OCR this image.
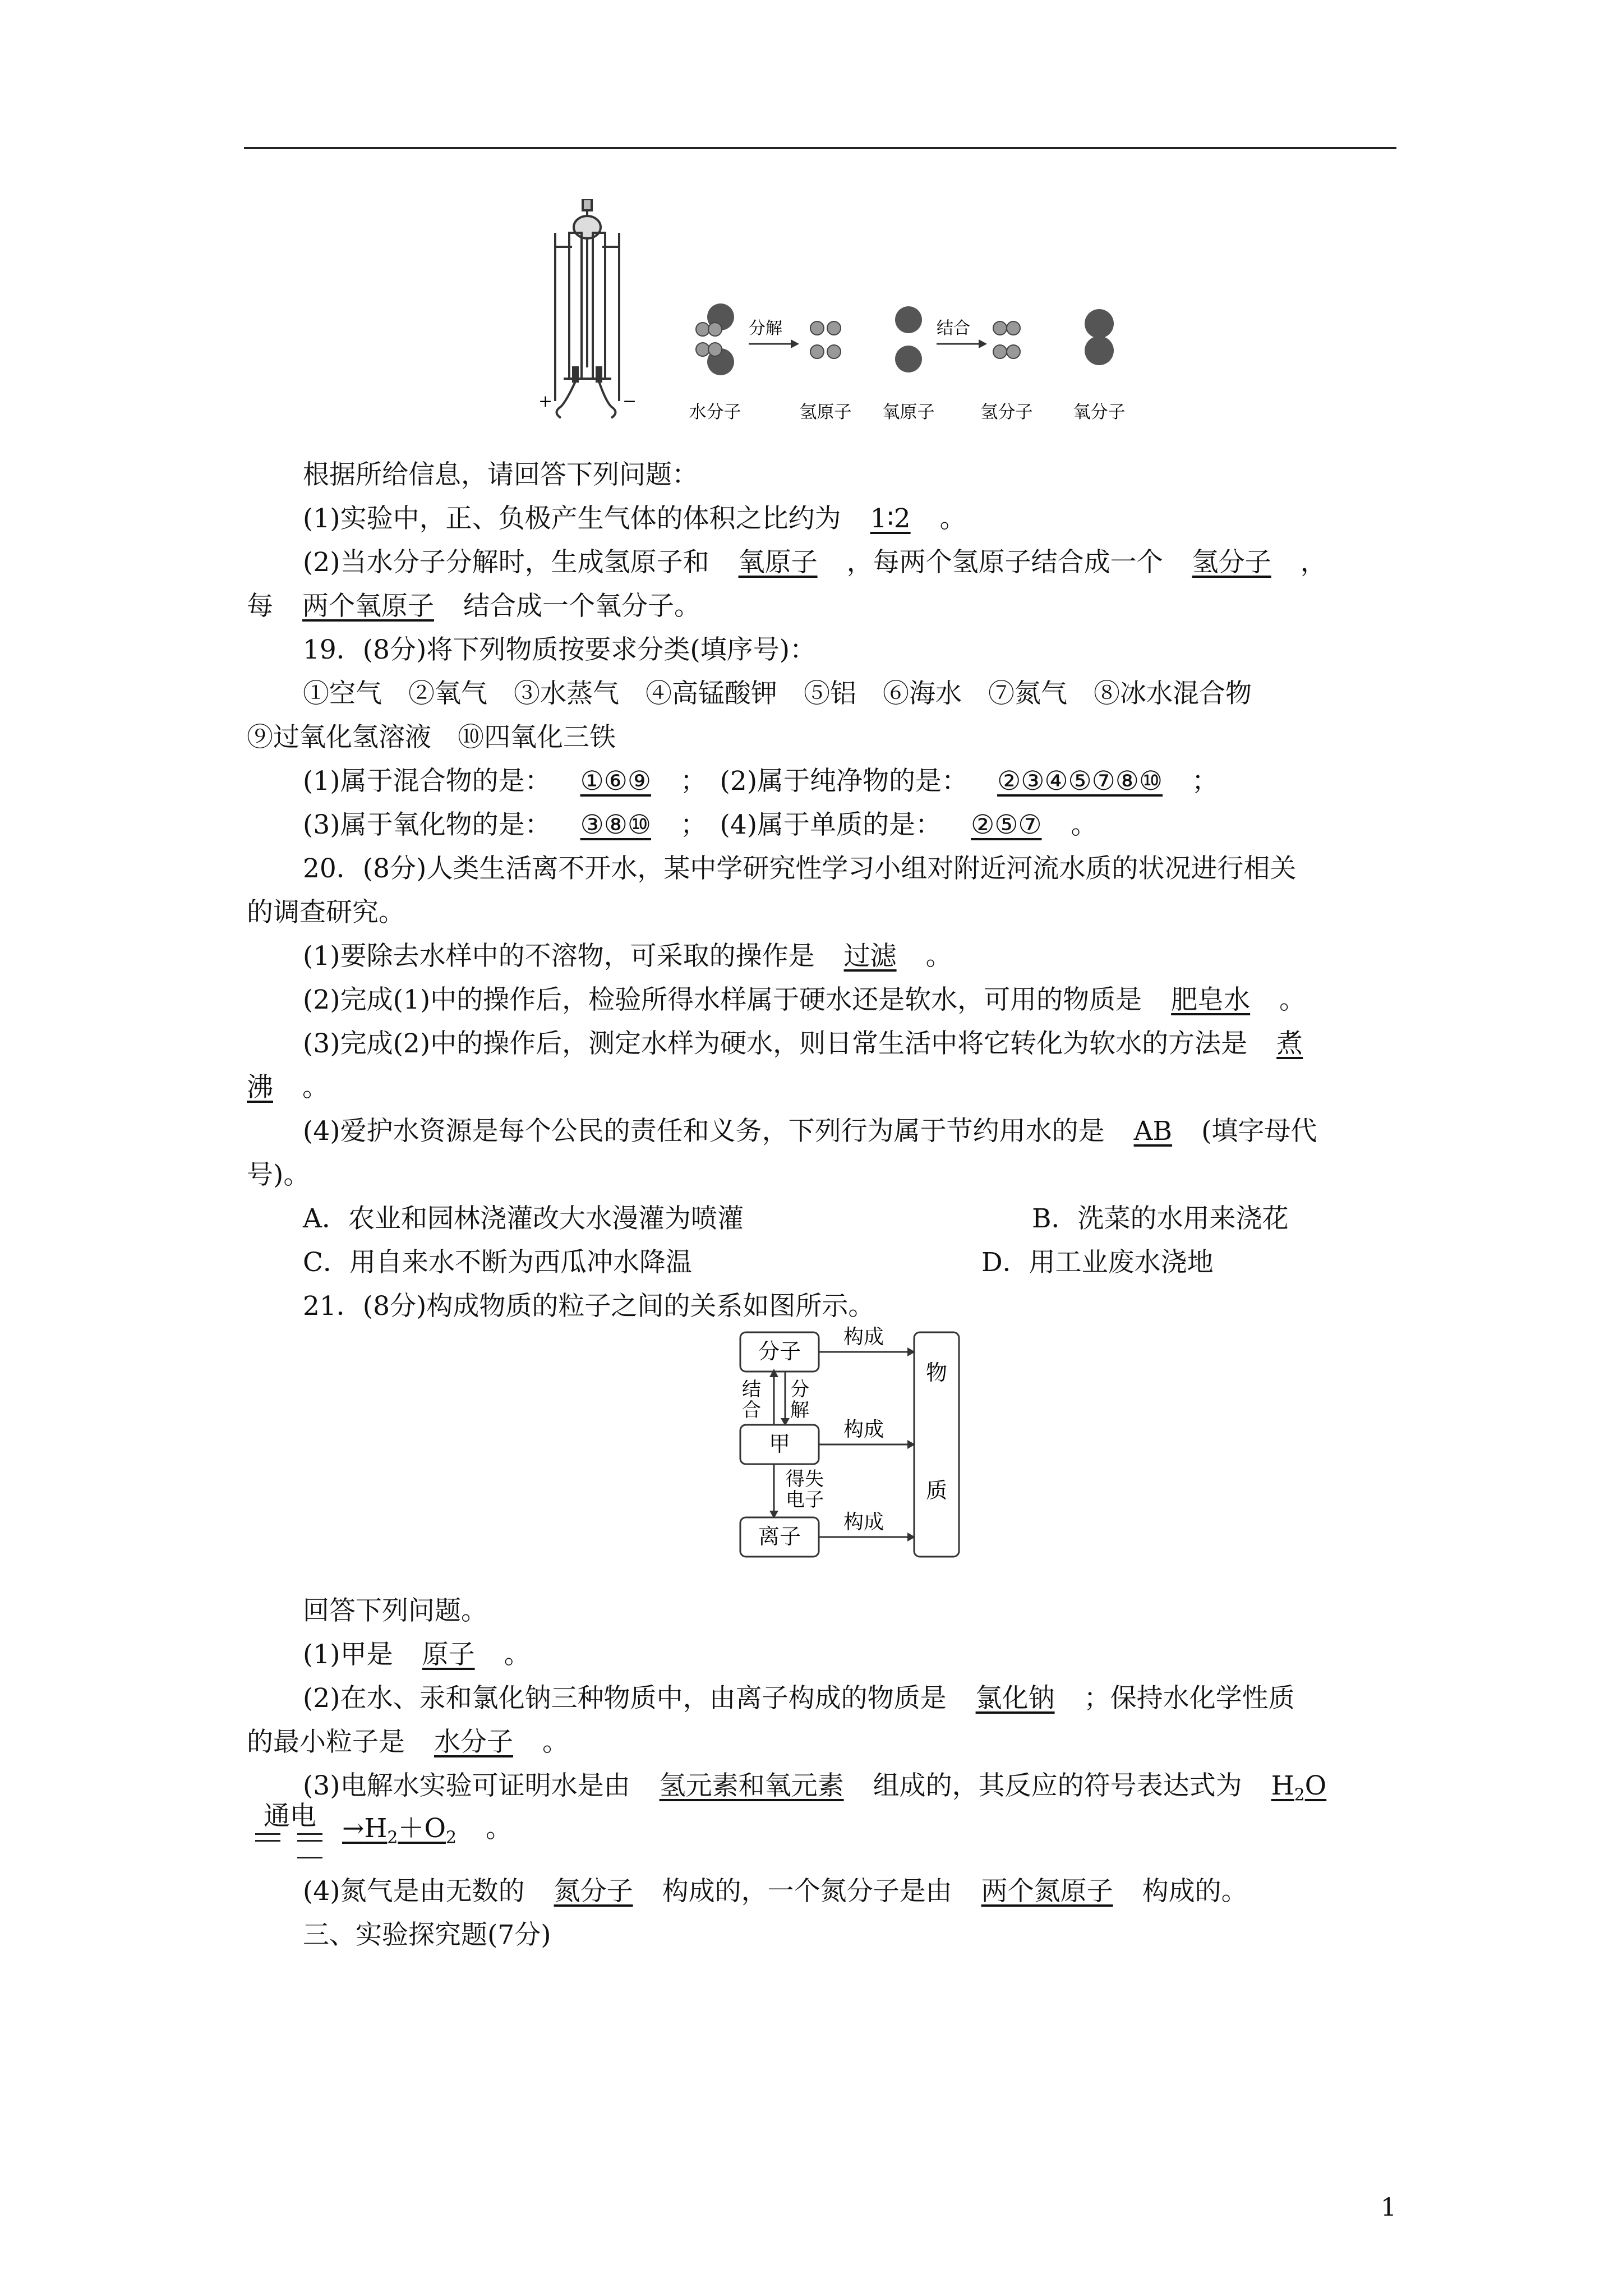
+	−
分解	结合
水分子	氢原子 氧原子	氢分子 氧分子
根据所给信息，请回答下列问题：
(1)实验中，正、负极产生气体的体积之比约为 1∶2 。
(2)当水分子分解时，生成氢原子和 氧原子 ，每两个氢原子结合成一个 氢分子 ，
每 两个氧原子 结合成一个氧分子。
19．(8分)将下列物质按要求分类(填序号)：
①空气　②氧气　③水蒸气　④高锰酸钾　⑤铝　⑥海水　⑦氮气　⑧冰水混合物
⑨过氧化氢溶液　⑩四氧化三铁
(1)属于混合物的是： ①⑥⑨ ；　 (2)属于纯净物的是： ②③④⑤⑦⑧⑩ ；
(3)属于氧化物的是： ③⑧⑩ ；　 (4)属于单质的是： ②⑤⑦ 。
20．(8分)人类生活离不开水，某中学研究性学习小组对附近河流水质的状况进行相关
的调查研究。
(1)要除去水样中的不溶物，可采取的操作是 过滤 。
(2)完成(1)中的操作后，检验所得水样属于硬水还是软水，可用的物质是 肥皂水 。
(3)完成(2)中的操作后，测定水样为硬水，则日常生活中将它转化为软水的方法是 煮
沸 。
(4)爱护水资源是每个公民的责任和义务，下列行为属于节约用水的是 AB (填字母代
号)。
A．农业和园林浇灌改大水漫灌为喷灌	B．洗菜的水用来浇花
C．用自来水不断为西瓜冲水降温	D．用工业废水浇地
21．(8分)构成物质的粒子之间的关系如图所示。
分子
甲
离子
物
质
构成
构成
构成
结
合
分
解
得失
电子
回答下列问题。
(1)甲是 原子 。
(2)在水、汞和氯化钠三种物质中，由离子构成的物质是 氯化钠 ；保持水化学性质
的最小粒子是 水分子 。
(3)电解水实验可证明水是由 氢元素和氧元素 组成的，其反应的符号表达式为 $H_2O$
通电 $\to H_2+O_2$ 。
(4)氮气是由无数的 氮分子 构成的，一个氮分子是由 两个氮原子 构成的。
三、实验探究题(7分)
1
